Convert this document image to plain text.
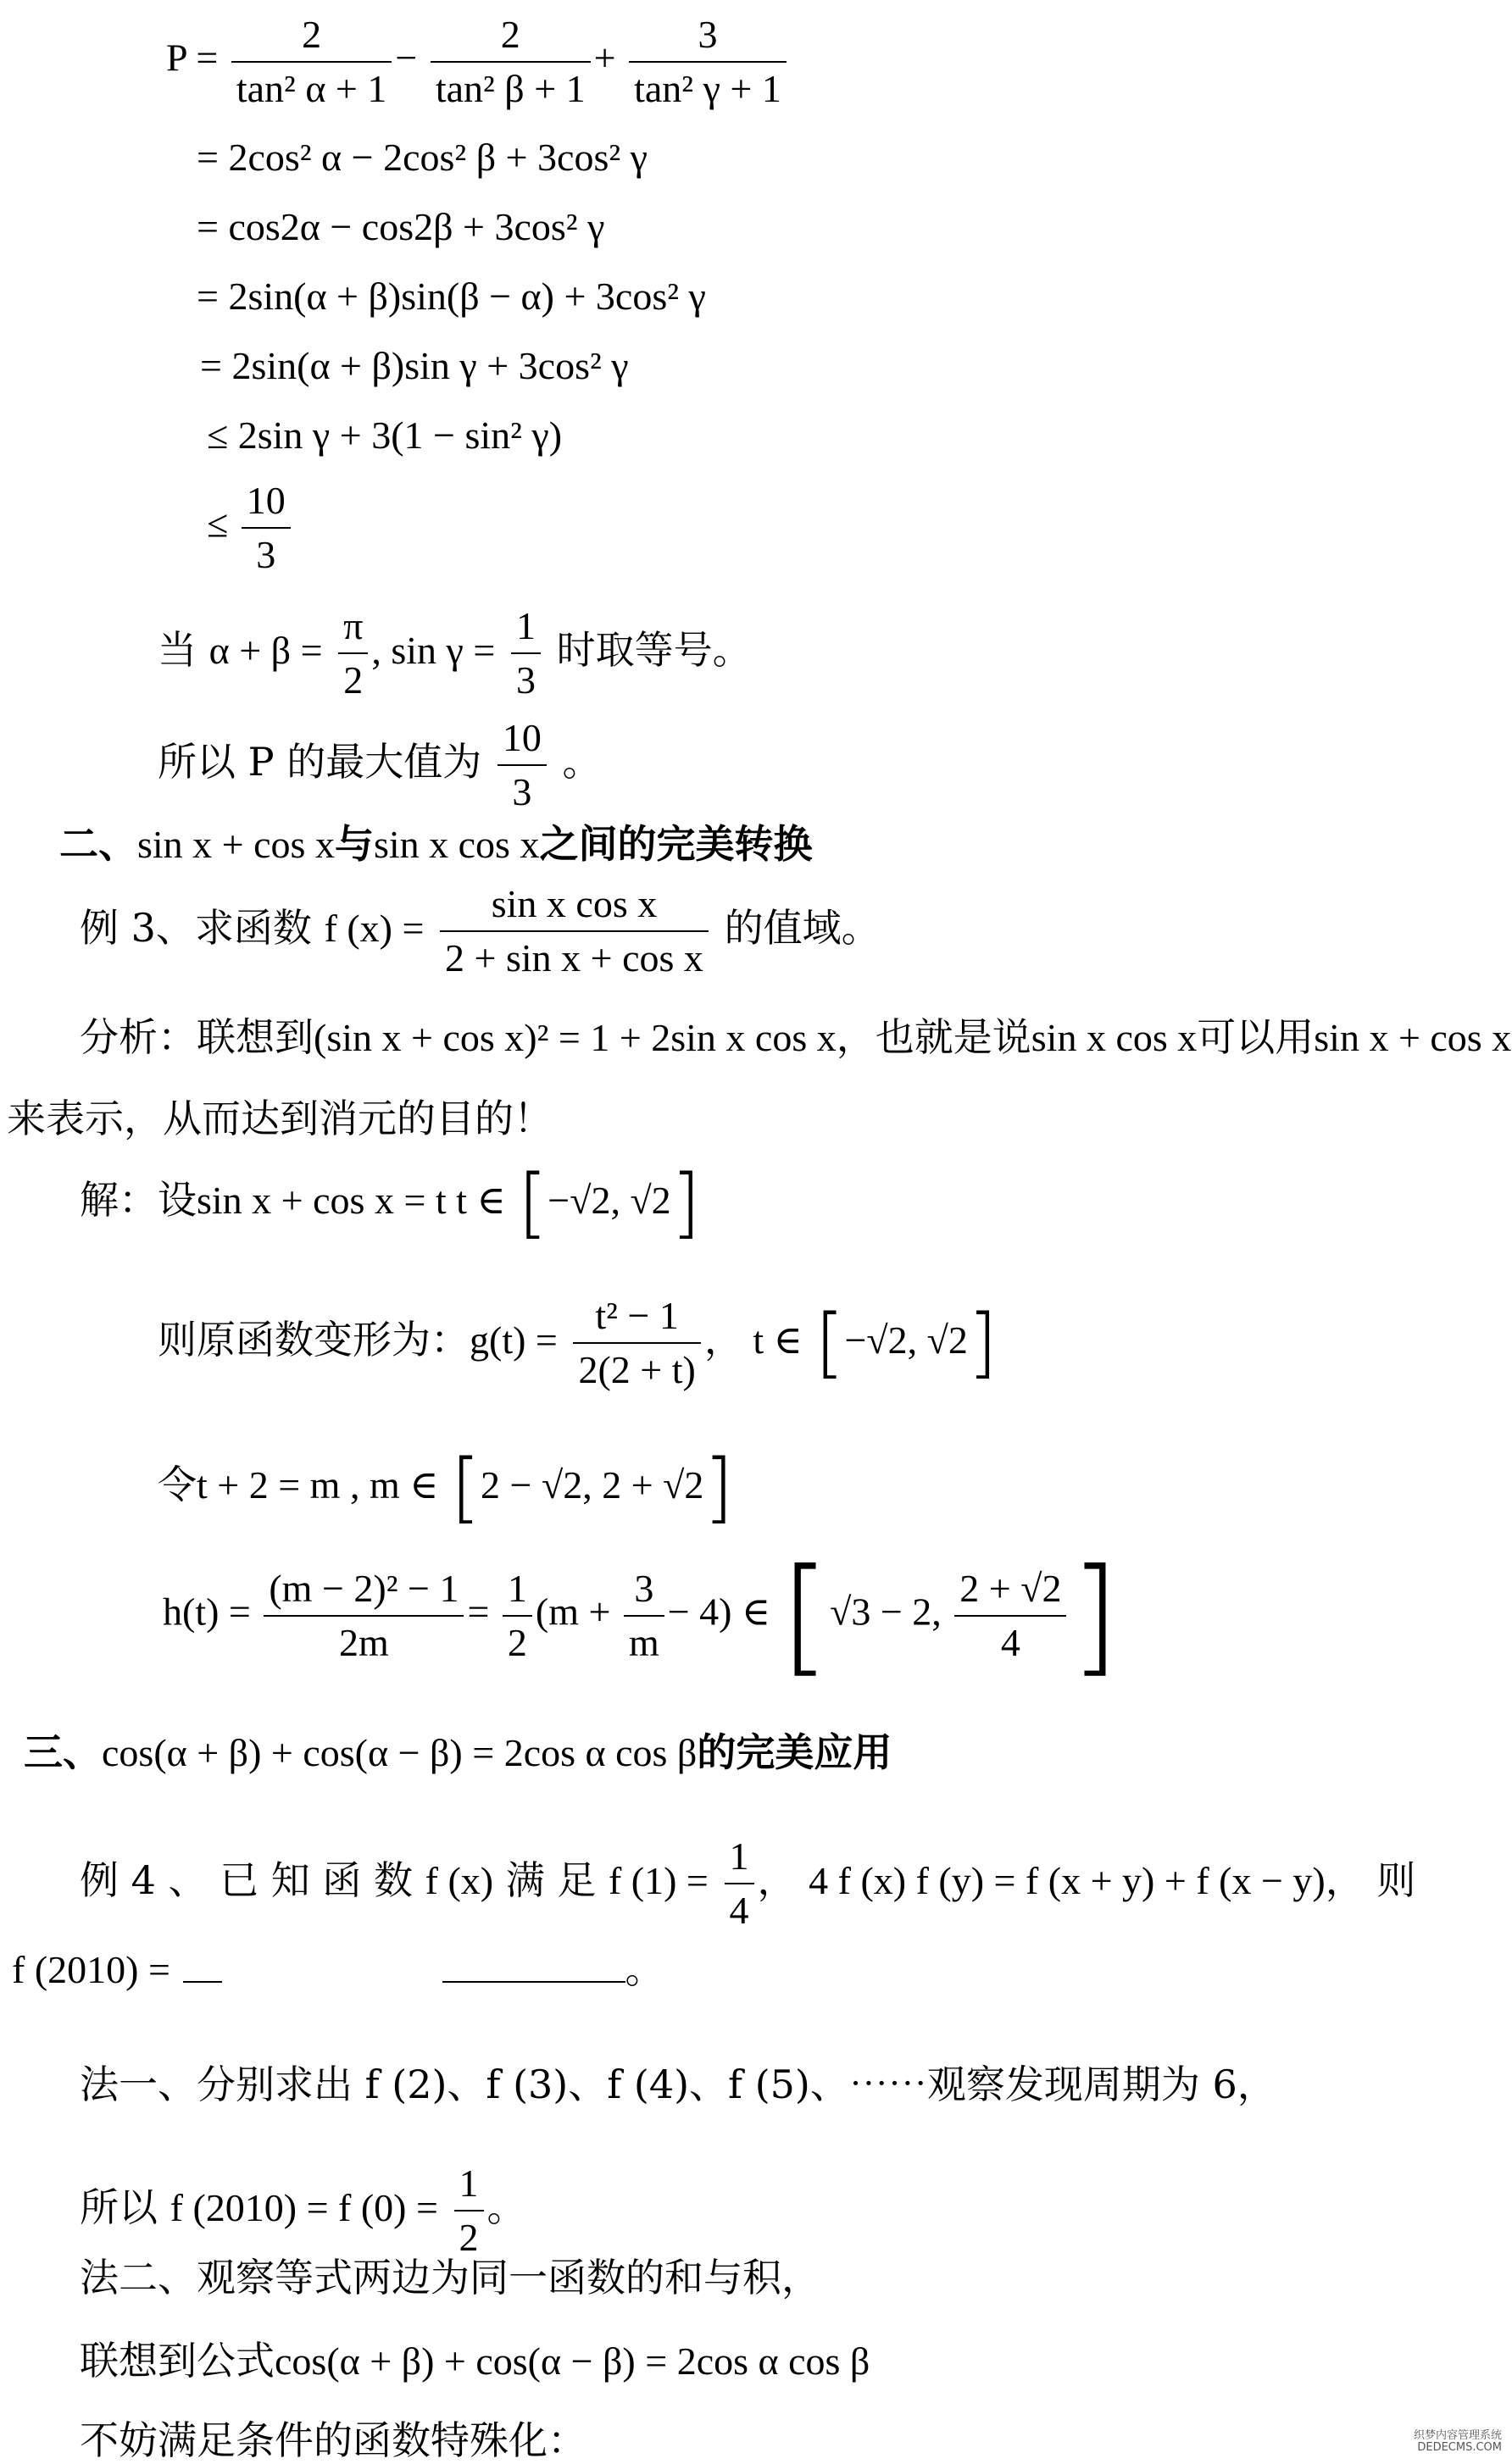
$P = \frac{2}{\text{tan² α + 1}} - \frac{2}{\text{tan² β + 1}} + \frac{3}{\text{tan² γ + 1}}$
= 2cos² α − 2cos² β + 3cos² γ
= cos2α − cos2β + 3cos² γ
= 2sin(α + β)sin(β − α) + 3cos² γ
= 2sin(α + β)sin γ + 3cos² γ
≤ 2sin γ + 3(1 − sin² γ)
≤ $\frac{10}{3}$
当 $\alpha + \beta = \frac{\pi}{2}$ , $\sin \gamma = \frac{1}{3}$ 时取等号。
所以 P 的最大值为 $\frac{10}{3}$ 。
二、sin x + cos x与sin x cos x之间的完美转换
例 3、求函数 f $(x) = \frac{\text{sin x cos x}}{\text{2 + sin x + cos x}}$ 的值域。
分析：联想到(sin x + cos x)² = 1 + 2sin x cos x，也就是说sin x cos x可以用sin x + cos x
来表示，从而达到消元的目的！
解：设sin x + cos x = t t ∈ [−√2, √2]
则原函数变形为：$g(t) = \frac{\text{t² − 1}}{2(2 + t)}$ ， t ∈ [−√2, √2]
令t + 2 = m , m ∈ [2 − √2, 2 + √2]
$h(t) = \frac{\text{(m − 2)² − 1}}{2m} = \frac{1}{2} (m + \frac{3}{m} - 4)$ ∈ [√3 − 2, $\frac{2 + √2}{4}$ ]
三、cos(α + β) + cos(α − β) = 2cos α cos β的完美应用
例 4 、 已 知 函 数 f (x) 满 足 f $(1) = \frac{1}{4}$ ， 4 f (x) f (y) = f (x + y) + f (x − y)， 则
f (2010) =	。
法一、分别求出 f (2)、f (3)、f (4)、f (5)、⋯⋯观察发现周期为 6，
所以 f (2010) = f $(0) = \frac{1}{2}$ 。
法二、观察等式两边为同一函数的和与积，
联想到公式cos(α + β) + cos(α − β) = 2cos α cos β
不妨满足条件的函数特殊化：	织梦内容管理系统
DEDECMS.COM
